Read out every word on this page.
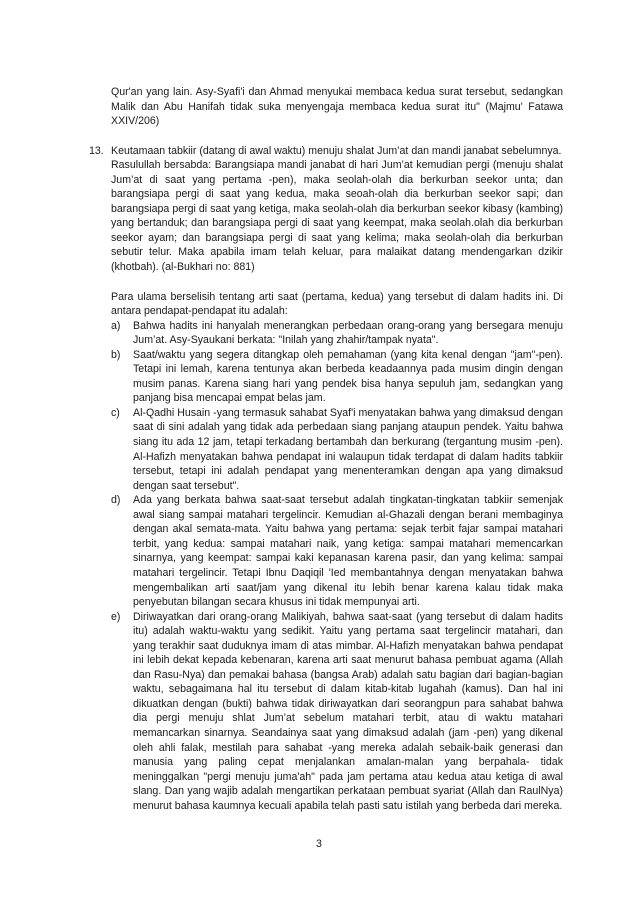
Qur'an yang lain. Asy-Syafi'i dan Ahmad menyukai membaca kedua surat tersebut, sedangkan Malik dan Abu Hanifah tidak suka menyengaja membaca kedua surat itu" (Majmu' Fatawa XXIV/206)

13. Keutamaan tabkiir (datang di awal waktu) menuju shalat Jum’at dan mandi janabat sebelumnya.

Rasulullah bersabda: Barangsiapa mandi janabat di hari Jum’at kemudian pergi (menuju shalat Jum’at di saat yang pertama -pen), maka seolah-olah dia berkurban seekor unta; dan barangsiapa pergi di saat yang kedua, maka seoah-olah dia berkurban seekor sapi; dan barangsiapa pergi di saat yang ketiga, maka seolah-olah dia berkurban seekor kibasy (kambing) yang bertanduk; dan barangsiapa pergi di saat yang keempat, maka seolah.olah dia berkurban seekor ayam; dan barangsiapa pergi di saat yang kelima; maka seolah-olah dia berkurban sebutir telur. Maka apabila imam telah keluar, para malaikat datang mendengarkan dzikir (khotbah). (al-Bukhari no: 881)

Para ulama berselisih tentang arti saat (pertama, kedua) yang tersebut di dalam hadits ini. Di antara pendapat-pendapat itu adalah:

a)	Bahwa hadits ini hanyalah menerangkan perbedaan orang-orang yang bersegara menuju Jum’at. Asy-Syaukani berkata: "Inilah yang zhahir/tampak nyata".
b)	Saat/waktu yang segera ditangkap oleh pemahaman (yang kita kenal dengan "jam"-pen). Tetapi ini lemah, karena tentunya akan berbeda keadaannya pada musim dingin dengan musim panas. Karena siang hari yang pendek bisa hanya sepuluh jam, sedangkan yang panjang bisa mencapai empat belas jam.
c)	Al-Qadhi Husain -yang termasuk sahabat Syaf'i menyatakan bahwa yang dimaksud dengan saat di sini adalah yang tidak ada perbedaan siang panjang ataupun pendek. Yaitu bahwa siang itu ada 12 jam, tetapi terkadang bertambah dan berkurang (tergantung musim -pen). Al-Hafizh menyatakan bahwa pendapat ini walaupun tidak terdapat di dalam hadits tabkiir tersebut, tetapi ini adalah pendapat yang menenteramkan dengan apa yang dimaksud dengan saat tersebut".
d)	Ada yang berkata bahwa saat-saat tersebut adalah tingkatan-tingkatan tabkiir semenjak awal siang sampai matahari tergelincir. Kemudian al-Ghazali dengan berani membaginya dengan akal semata-mata. Yaitu bahwa yang pertama: sejak terbit fajar sampai matahari terbit, yang kedua: sampai matahari naik, yang ketiga: sampai matahari memencarkan sinarnya, yang keempat: sampai kaki kepanasan karena pasir, dan yang kelima: sampai matahari tergelincir. Tetapi Ibnu Daqiqil 'Ied membantahnya dengan menyatakan bahwa mengembalikan arti saat/jam yang dikenal itu lebih benar karena kalau tidak maka penyebutan bilangan secara khusus ini tidak mempunyai arti.
e)	Diriwayatkan dari orang-orang Malikiyah, bahwa saat-saat (yang tersebut di dalam hadits itu) adalah waktu-waktu yang sedikit. Yaitu yang pertama saat tergelincir matahari, dan yang terakhir saat duduknya imam di atas mimbar. Al-Hafizh menyatakan bahwa pendapat ini lebih dekat kepada kebenaran, karena arti saat menurut bahasa pembuat agama (Allah dan Rasu-Nya) dan pemakai bahasa (bangsa Arab) adalah satu bagian dari bagian-bagian waktu, sebagaimana hal itu tersebut di dalam kitab-kitab lugahah (kamus). Dan hal ini dikuatkan dengan (bukti) bahwa tidak diriwayatkan dari seorangpun para sahabat bahwa dia pergi menuju shlat Jum’at sebelum matahari terbit, atau di waktu matahari memancarkan sinarnya. Seandainya saat yang dimaksud adalah (jam -pen) yang dikenal oleh ahli falak, mestilah para sahabat -yang mereka adalah sebaik-baik generasi dan manusia yang paling cepat menjalankan amalan-malan yang berpahala- tidak meninggalkan "pergi menuju juma'ah" pada jam pertama atau kedua atau ketiga di awal slang. Dan yang wajib adalah mengartikan perkataan pembuat syariat (Allah dan RaulNya) menurut bahasa kaumnya kecuali apabila telah pasti satu istilah yang berbeda dari mereka.
3
